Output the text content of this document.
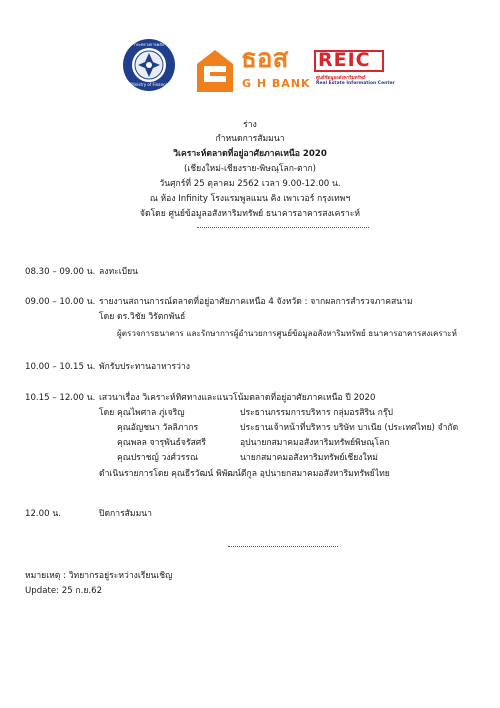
กระทรวงการคลัง
Ministry of Finance
ธอส
G H BANK
REIC
ศูนย์ข้อมูลอสังหาริมทรัพย์
Real Estate Information Center
ร่าง
กำหนดการสัมมนา
วิเคราะห์ตลาดที่อยู่อาศัยภาคเหนือ 2020
(เชียงใหม่-เชียงราย-พิษณุโลก-ตาก)
วันศุกร์ที่ 25 ตุลาคม 2562 เวลา 9.00-12.00 น.
ณ ห้อง Infinity โรงแรมพูลแมน คิง เพาเวอร์ กรุงเทพฯ
จัดโดย ศูนย์ข้อมูลอสังหาริมทรัพย์ ธนาคารอาคารสงเคราะห์
08.30 – 09.00 น. ลงทะเบียน
09.00 – 10.00 น. รายงานสถานการณ์ตลาดที่อยู่อาศัยภาคเหนือ 4 จังหวัด : จากผลการสำรวจภาคสนาม
โดย ดร.วิชัย วิรัตกพันธ์
ผู้ตรวจการธนาคาร และรักษาการผู้อำนวยการศูนย์ข้อมูลอสังหาริมทรัพย์ ธนาคารอาคารสงเคราะห์
10.00 – 10.15 น. พักรับประทานอาหารว่าง
10.15 – 12.00 น. เสวนาเรื่อง วิเคราะห์ทิศทางและแนวโน้มตลาดที่อยู่อาศัยภาคเหนือ ปี 2020
โดย คุณไพศาล ภู่เจริญ	ประธานกรรมการบริหาร กลุ่มอรสิริน กรุ๊ป
คุณอัญชนา วัลลิภากร	ประธานเจ้าหน้าที่บริหาร บริษัท บาเนีย (ประเทศไทย) จำกัด
คุณพลล จารุพันธ์จรัสศรี	อุปนายกสมาคมอสังหาริมทรัพย์พิษณุโลก
คุณปราชญ์ วงศ์วรรณ	นายกสมาคมอสังหาริมทรัพย์เชียงใหม่
ดำเนินรายการโดย คุณธีรวัฒน์ พิพัฒน์ตีกูล อุปนายกสมาคมอสังหาริมทรัพย์ไทย
12.00 น.	ปิดการสัมมนา
หมายเหตุ : วิทยากรอยู่ระหว่างเรียนเชิญ
Update: 25 ก.ย.62
